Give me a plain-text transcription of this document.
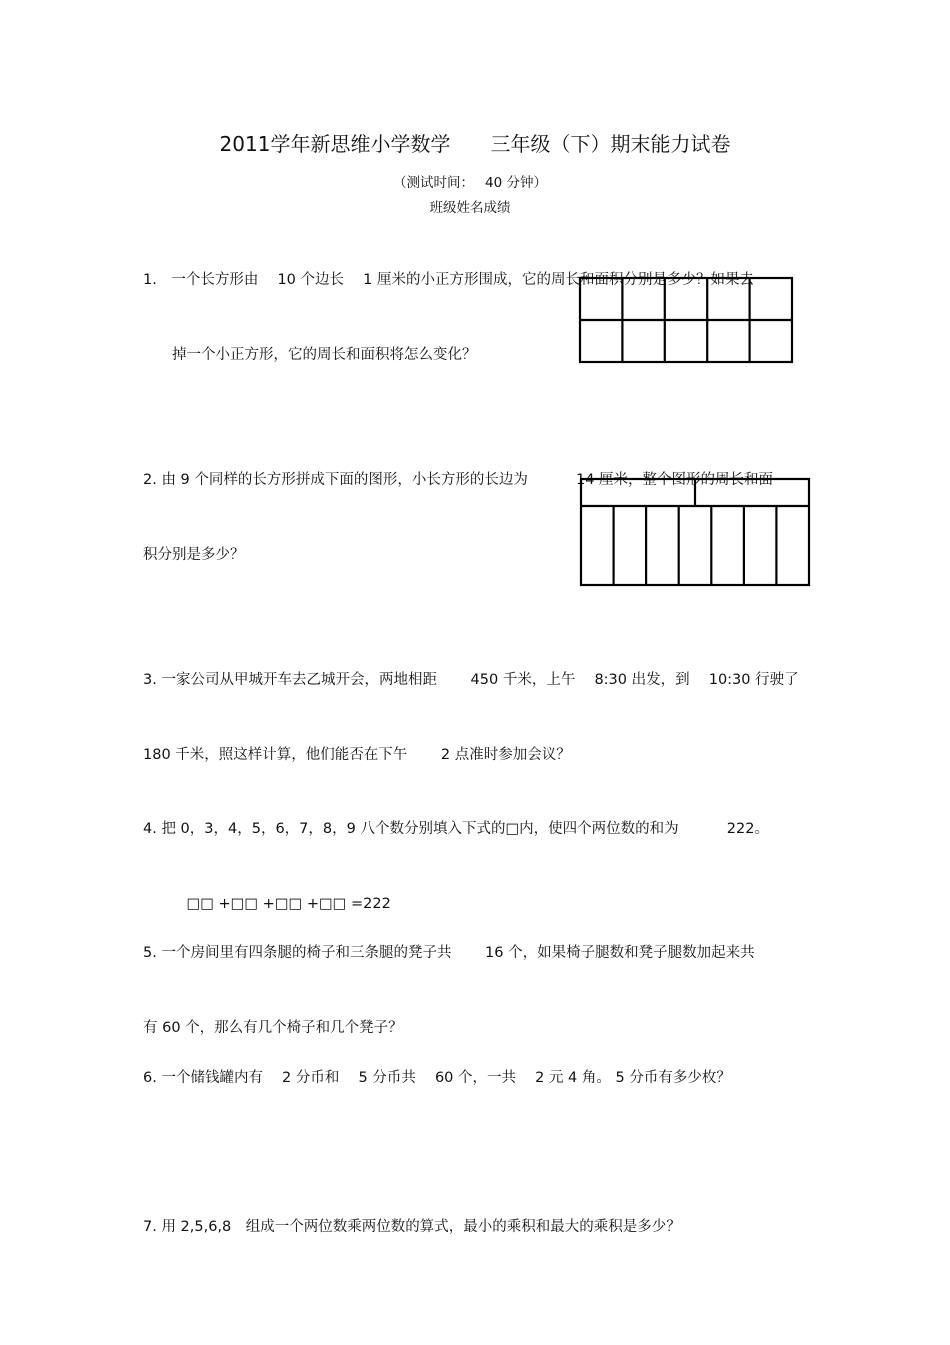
2011学年新思维小学数学　　三年级（下）期末能力试卷
（测试时间：　 40 分钟）
班级姓名成绩

1.　一个长方形由　 10 个边长　 1 厘米的小正方形围成，它的周长和面积分别是多少？如果去

　　掉一个小正方形，它的周长和面积将怎么变化？

2. 由 9 个同样的长方形拼成下面的图形，小长方形的长边为　　　 14 厘米，整个图形的周长和面

积分别是多少？

3. 一家公司从甲城开车去乙城开会，两地相距　　 450 千米，上午　 8:30 出发，到　 10:30 行驶了

180 千米，照这样计算，他们能否在下午　　 2 点准时参加会议？

4. 把 0，3，4，5，6，7，8，9 八个数分别填入下式的□内，使四个两位数的和为　　　 222。

　　　□□ +□□ +□□ +□□ =222

5. 一个房间里有四条腿的椅子和三条腿的凳子共　　 16 个，如果椅子腿数和凳子腿数加起来共

有 60 个，那么有几个椅子和几个凳子？

6. 一个储钱罐内有　 2 分币和　 5 分币共　 60 个，一共　 2 元 4 角。 5 分币有多少枚？

7. 用 2,5,6,8　组成一个两位数乘两位数的算式，最小的乘积和最大的乘积是多少？
